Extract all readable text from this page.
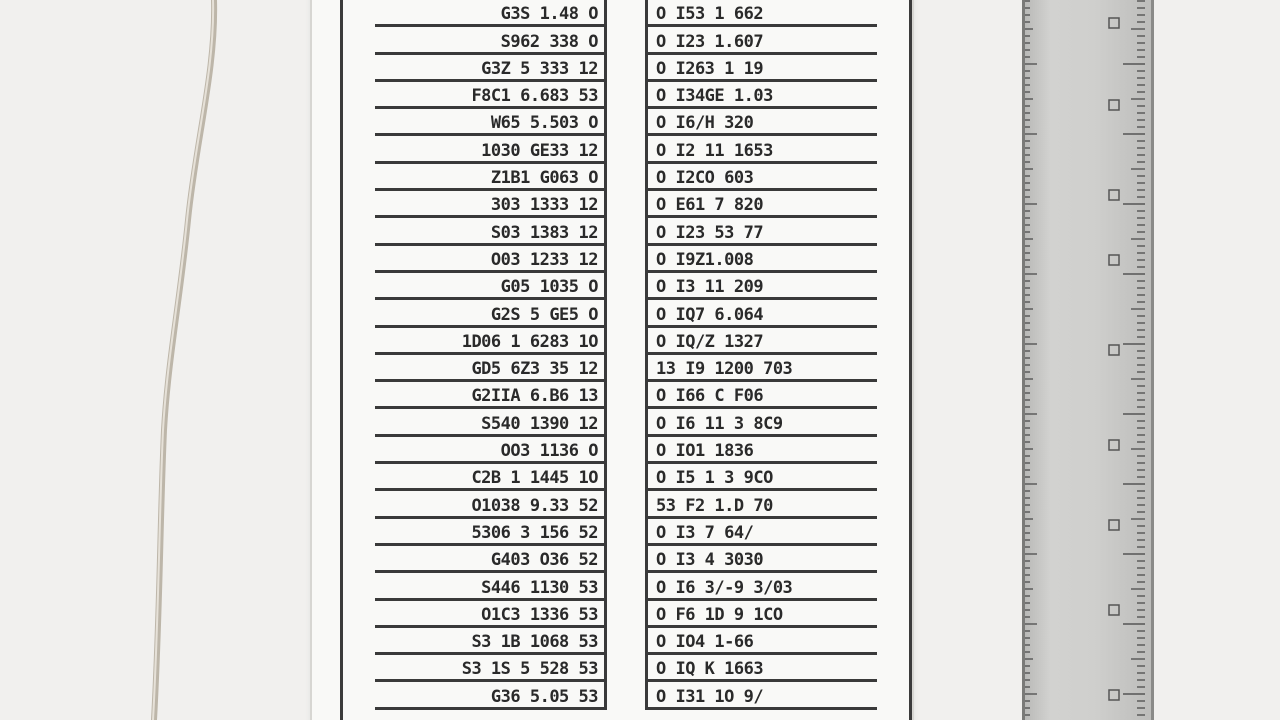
G3S 1.48 O
S962 338 O
G3Z 5 333 12
F8C1 6.683 53
W65 5.503 O
1030 GE33 12
Z1B1 G063 O
303 1333 12
S03 1383 12
O03 1233 12
G05 1035 O
G2S 5 GE5 O
1D06 1 6283 1O
GD5 6Z3 35 12
G2IIA 6.B6 13
S540 1390 12
OO3 1136 O
C2B 1 1445 1O
O1038 9.33 52
5306 3 156 52
G403 O36 52
S446 1130 53
O1C3 1336 53
S3 1B 1068 53
S3 1S 5 528 53
G36 5.05 53
O I53 1 662
O I23 1.607
O I263 1 19
O I34GE 1.03
O I6/H 320
O I2 11 1653
O I2CO 603
O E61 7 820
O I23 53 77
O I9Z1.008
O I3 11 209
O IQ7 6.064
O IQ/Z 1327
13 I9 1200 703
O I66 C F06
O I6 11 3 8C9
O IO1 1836
O I5 1 3 9CO
53 F2 1.D 70
O I3 7 64/
O I3 4 3030
O I6 3/-9 3/03
O F6 1D 9 1CO
O IO4 1-66
O IQ K 1663
O I31 1O 9/
